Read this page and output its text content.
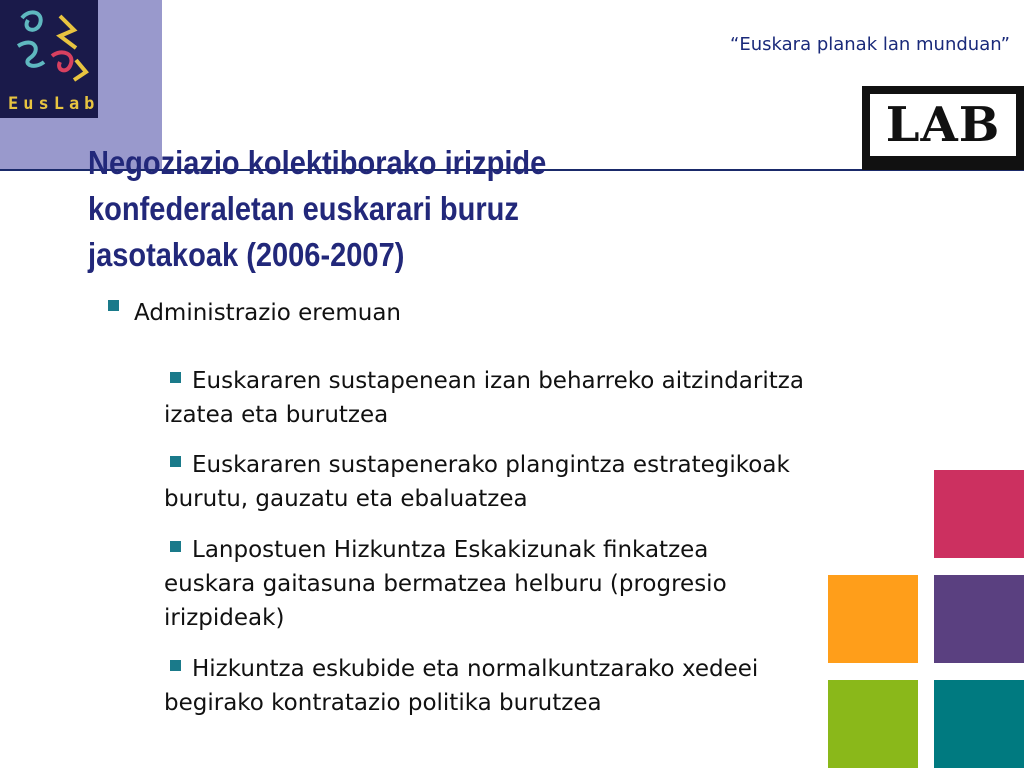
EusLab
“Euskara planak lan munduan”
LAB
Negoziazio kolektiborako irizpide
konfederaletan euskarari buruz
jasotakoak (2006-2007)

Administrazio eremuan

Euskararen sustapenean izan beharreko aitzindaritza izatea eta burutzea

Euskararen sustapenerako plangintza estrategikoak burutu, gauzatu eta ebaluatzea

Lanpostuen Hizkuntza Eskakizunak finkatzea euskara gaitasuna bermatzea helburu (progresio irizpideak)

Hizkuntza eskubide eta normalkuntzarako xedeei begirako kontratazio politika burutzea
